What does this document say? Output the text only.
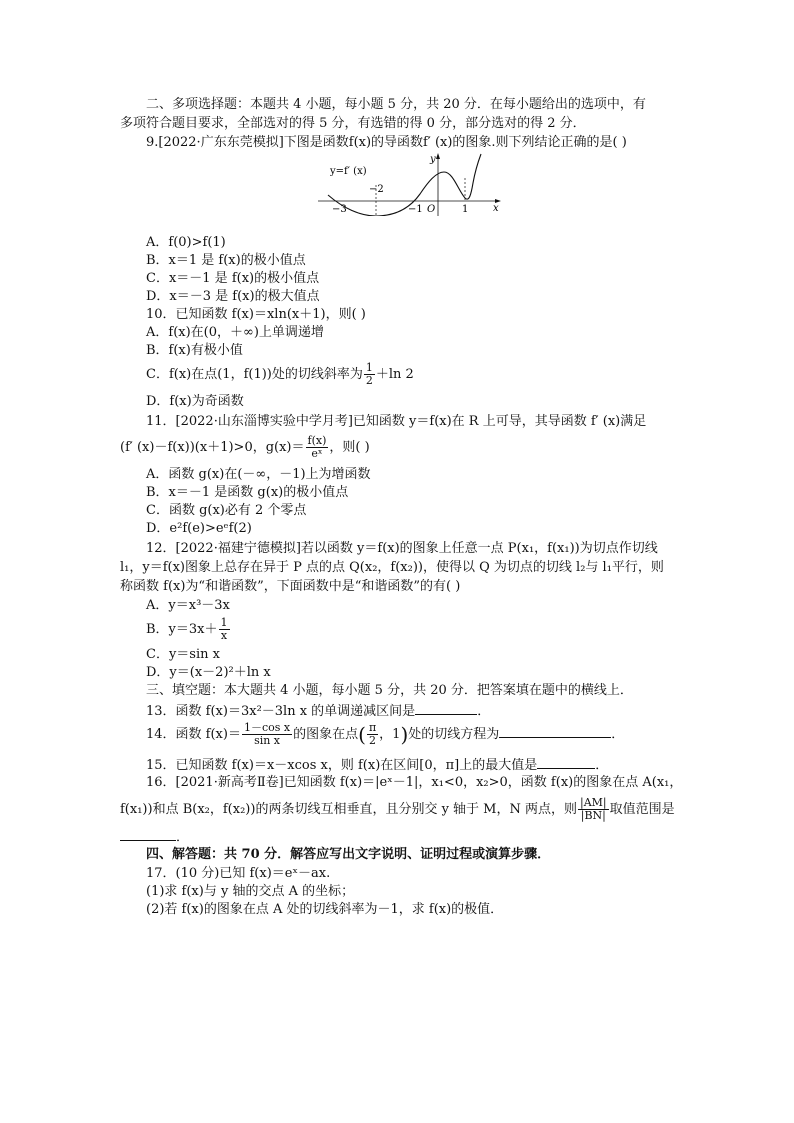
二、多项选择题：本题共 4 小题，每小题 5 分，共 20 分．在每小题给出的选项中，有
多项符合题目要求，全部选对的得 5 分，有选错的得 0 分，部分选对的得 2 分．
9.[2022·广东东莞模拟]下图是函数f(x)的导函数f′ (x)的图象.则下列结论正确的是( )
y=f′ (x)
y
x
O
−3
−2
−1	1
A．f(0)>f(1)
B．x＝1 是 f(x)的极小值点
C．x＝－1 是 f(x)的极小值点
D．x＝－3 是 f(x)的极大值点
10．已知函数 f(x)＝xln(x＋1)，则( )
A．f(x)在(0，＋∞)上单调递增
B．f(x)有极小值
C．f(x)在点(1，f(1))处的切线斜率为 $\frac{1}{2} +\ln$ 2
D．f(x)为奇函数
11．[2022·山东淄博实验中学月考]已知函数 y＝f(x)在 R 上可导，其导函数 f′ (x)满足
(f′ (x)－f(x))(x＋1)>0，$g(x)= \frac{f(x)}{\text{eˣ}}$ ，则( )
A．函数 g(x)在(－∞，－1)上为增函数
B．x＝－1 是函数 g(x)的极小值点
C．函数 g(x)必有 2 个零点
D．e²f(e)>eᵉf(2)
12．[2022·福建宁德模拟]若以函数 y＝f(x)的图象上任意一点 P(x₁，f(x₁))为切点作切线
l₁，y＝f(x)图象上总存在异于 P 点的点 Q(x₂，f(x₂))，使得以 Q 为切点的切线 l₂与 l₁平行，则
称函数 f(x)为“和谐函数”，下面函数中是“和谐函数”的有( )
A．y＝x³－3x
B．$y=3x+ \frac{1}{x}$
C．y＝sin x
D．y＝(x－2)²＋ln x
三、填空题：本大题共 4 小题，每小题 5 分，共 20 分．把答案填在题中的横线上．
13．函数 f(x)＝3x²－3ln x 的单调递减区间是	．
14．函数 $f(x)= \frac{\text{1－cos x}}{\text{sin x}}$ 的图象在点( $\frac{\pi}{2}$ ，1)处的切线方程为	．
15．已知函数 f(x)＝x－xcos x，则 f(x)在区间[0，π]上的最大值是	．
16．[2021·新高考Ⅱ卷]已知函数 f(x)＝|eˣ－1|，x₁<0，x₂>0，函数 f(x)的图象在点 A(x₁，
f(x₁))和点 B(x₂，f(x₂))的两条切线互相垂直，且分别交 y 轴于 M，N 两点，则 $\frac{|AM|}{|BN|}$ 取值范围是
．
四、解答题：共 70 分．解答应写出文字说明、证明过程或演算步骤．
17．(10 分)已知 f(x)＝eˣ－ax.
(1)求 f(x)与 y 轴的交点 A 的坐标；
(2)若 f(x)的图象在点 A 处的切线斜率为－1，求 f(x)的极值．
